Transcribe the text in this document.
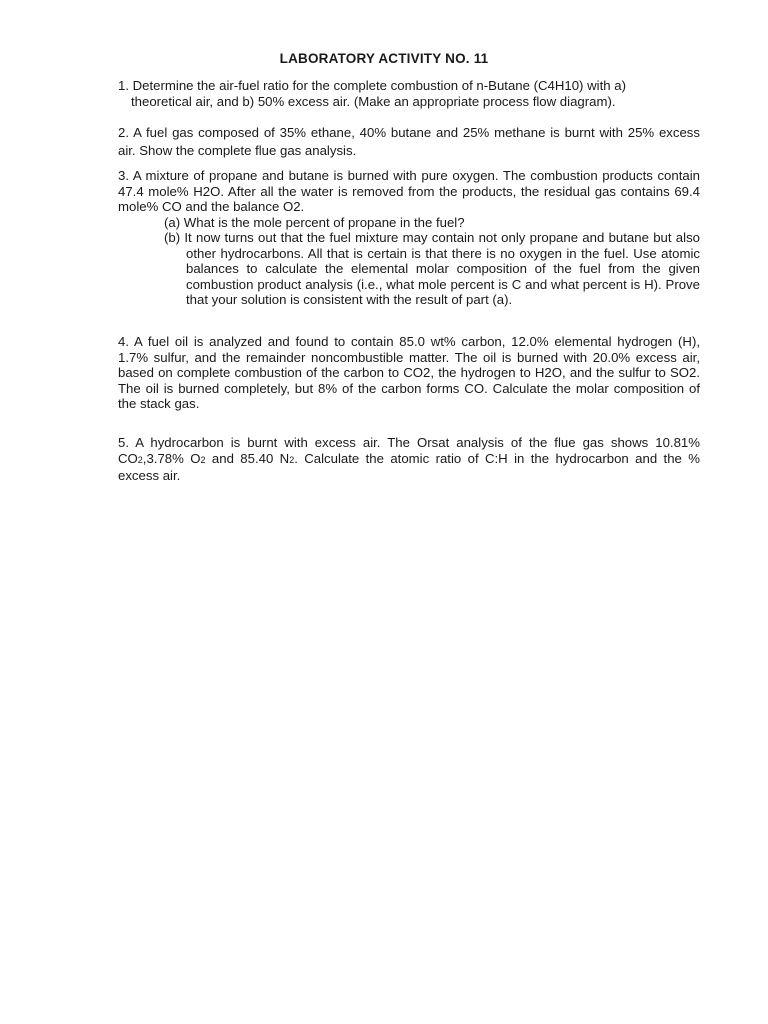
LABORATORY ACTIVITY NO. 11
1. Determine the air-fuel ratio for the complete combustion of n-Butane (C4H10) with a)
theoretical air, and b) 50% excess air. (Make an appropriate process flow diagram).
2. A fuel gas composed of 35% ethane, 40% butane and 25% methane is burnt with 25% excess air. Show the complete flue gas analysis.
3. A mixture of propane and butane is burned with pure oxygen. The combustion products contain 47.4 mole% H2O. After all the water is removed from the products, the residual gas contains 69.4 mole% CO and the balance O2.
(a) What is the mole percent of propane in the fuel?
(b) It now turns out that the fuel mixture may contain not only propane and butane but also other hydrocarbons. All that is certain is that there is no oxygen in the fuel. Use atomic balances to calculate the elemental molar composition of the fuel from the given combustion product analysis (i.e., what mole percent is C and what percent is H). Prove that your solution is consistent with the result of part (a).
4. A fuel oil is analyzed and found to contain 85.0 wt% carbon, 12.0% elemental hydrogen (H), 1.7% sulfur, and the remainder noncombustible matter. The oil is burned with 20.0% excess air, based on complete combustion of the carbon to CO2, the hydrogen to H2O, and the sulfur to SO2. The oil is burned completely, but 8% of the carbon forms CO. Calculate the molar composition of the stack gas.
5. A hydrocarbon is burnt with excess air. The Orsat analysis of the flue gas shows 10.81% CO2,3.78% O2 and 85.40 N2. Calculate the atomic ratio of C:H in the hydrocarbon and the % excess air.
